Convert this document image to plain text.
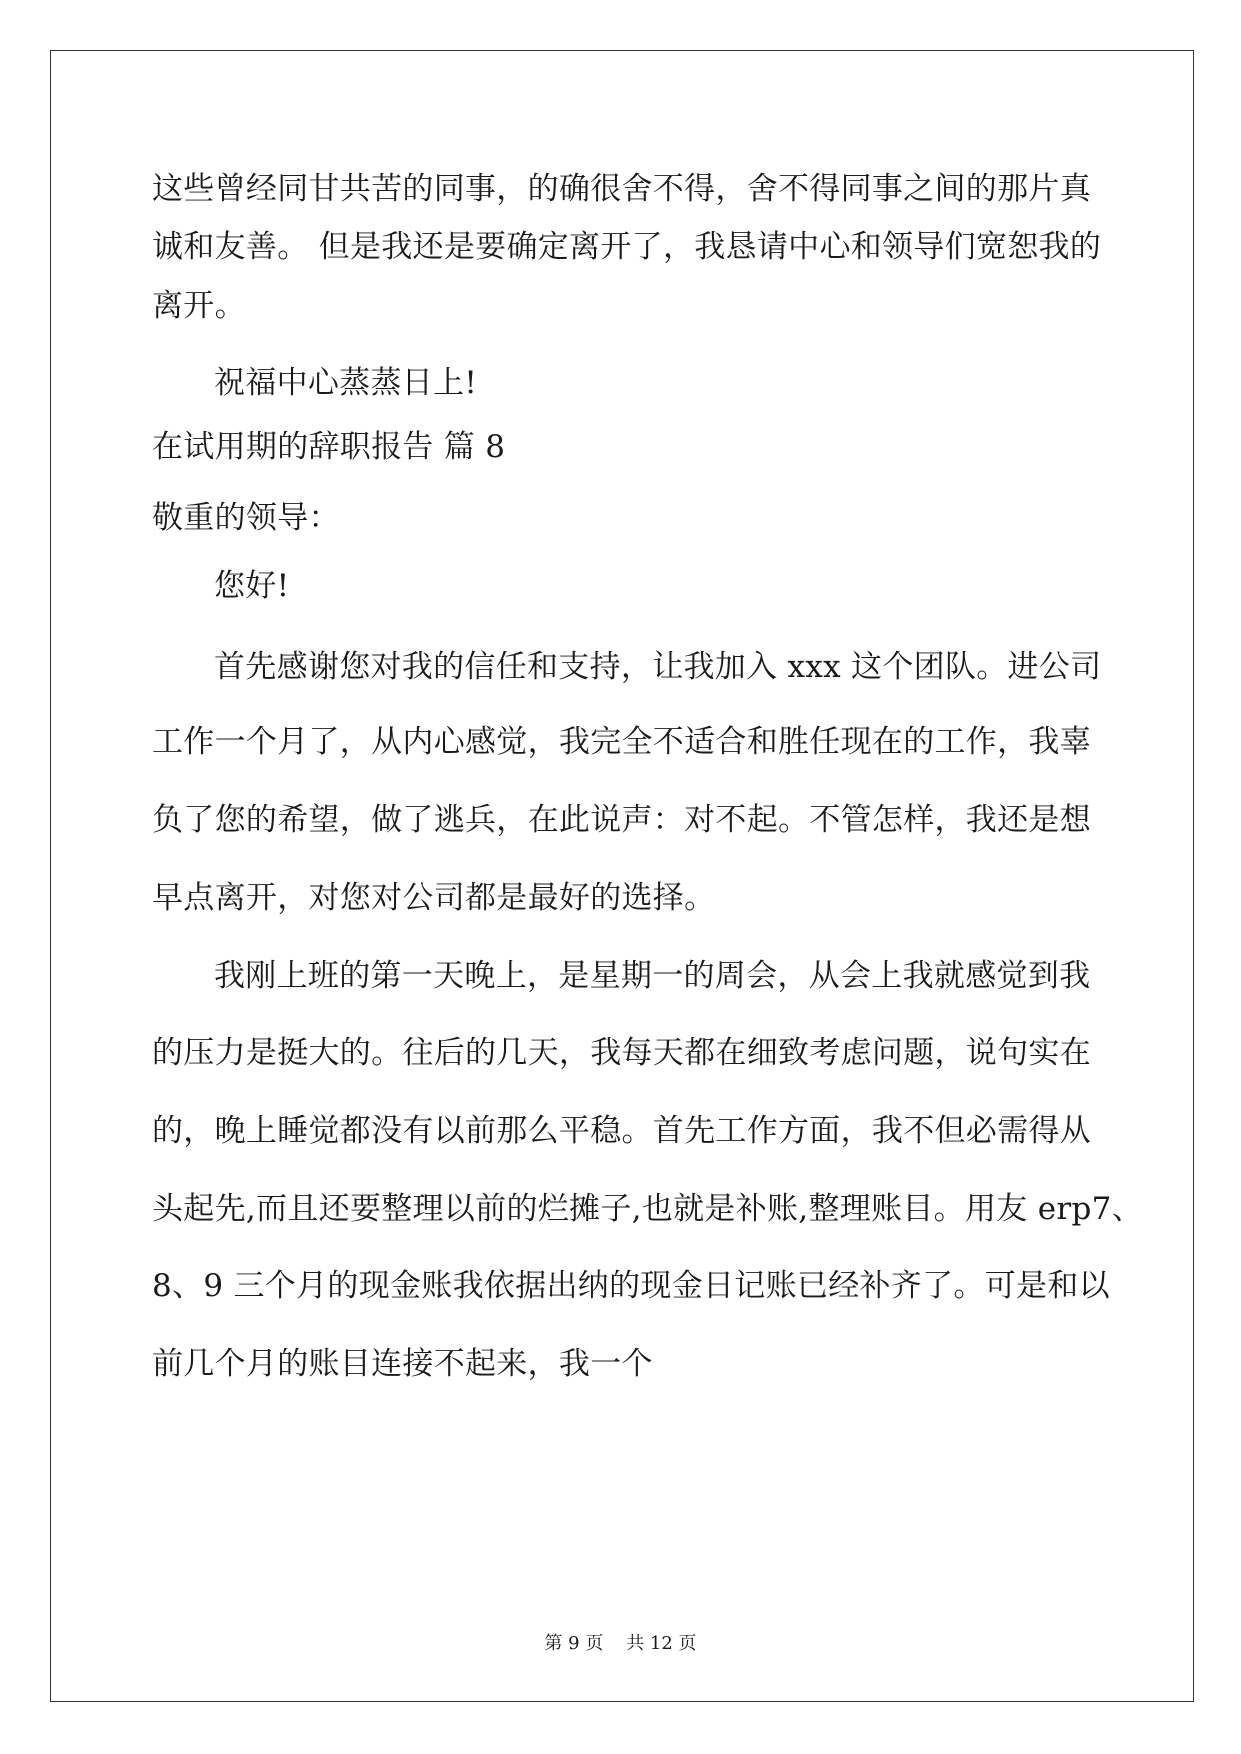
这些曾经同甘共苦的同事，的确很舍不得，舍不得同事之间的那片真
诚和友善。 但是我还是要确定离开了，我恳请中心和领导们宽恕我的
离开。
祝福中心蒸蒸日上!
在试用期的辞职报告 篇 8
敬重的领导：
您好!
首先感谢您对我的信任和支持，让我加入 xxx 这个团队。进公司
工作一个月了，从内心感觉，我完全不适合和胜任现在的工作，我辜
负了您的希望，做了逃兵，在此说声：对不起。不管怎样，我还是想
早点离开，对您对公司都是最好的选择。
我刚上班的第一天晚上，是星期一的周会，从会上我就感觉到我
的压力是挺大的。往后的几天，我每天都在细致考虑问题，说句实在
的，晚上睡觉都没有以前那么平稳。首先工作方面，我不但必需得从
头起先,而且还要整理以前的烂摊子,也就是补账,整理账目。用友 erp7、
8、9 三个月的现金账我依据出纳的现金日记账已经补齐了。可是和以
前几个月的账目连接不起来，我一个
第 9 页    共 12 页
